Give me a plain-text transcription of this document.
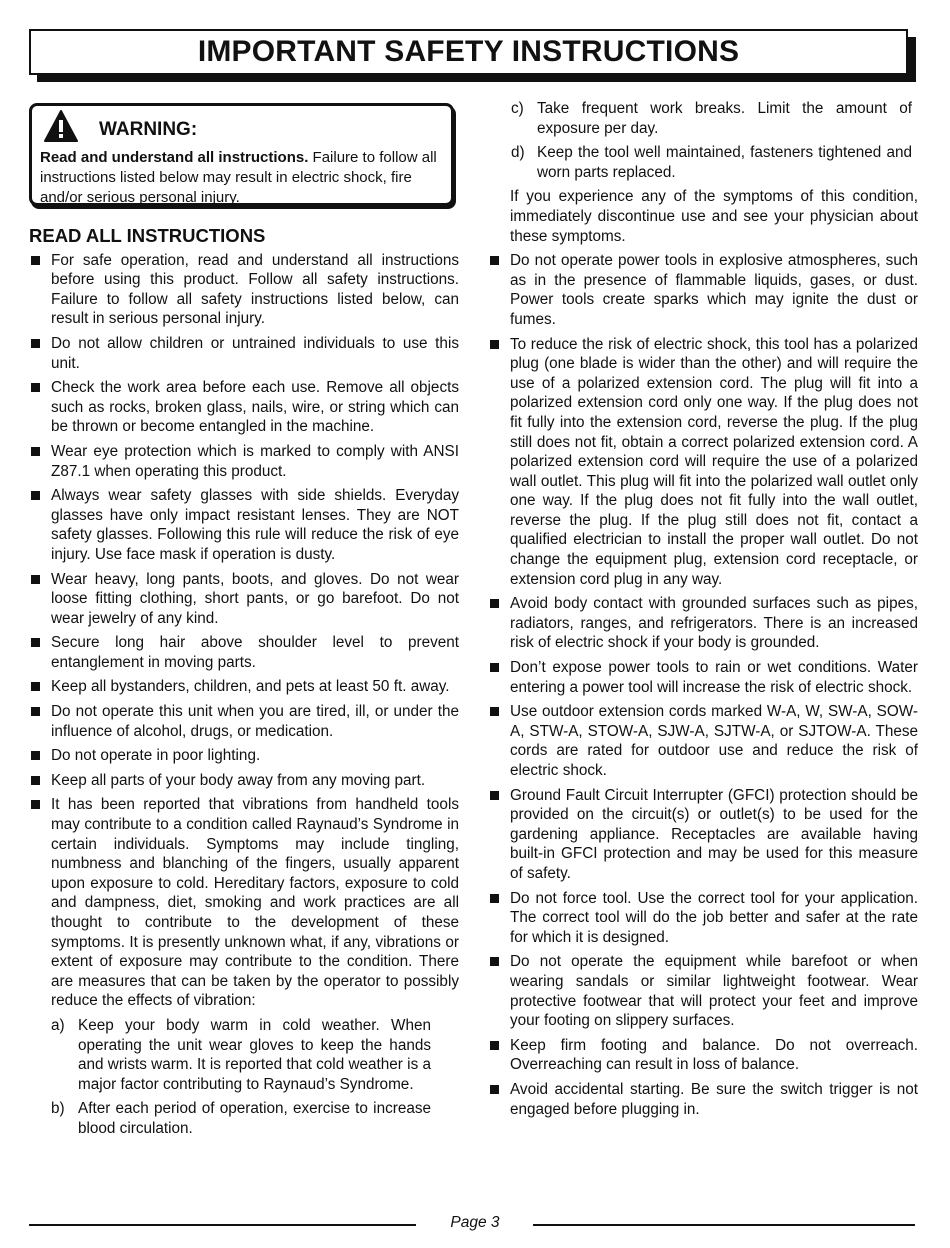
IMPORTANT SAFETY INSTRUCTIONS
WARNING:
Read and understand all instructions. Failure to follow all instructions listed below may result in electric shock, fire and/or serious personal injury.
READ ALL INSTRUCTIONS
For safe operation, read and understand all instructions before using this product. Follow all safety instructions. Failure to follow all safety instructions listed below, can result in serious personal injury.
Do not allow children or untrained individuals to use this unit.
Check the work area before each use. Remove all objects such as rocks, broken glass, nails, wire, or string which can be thrown or become entangled in the machine.
Wear eye protection which is marked to comply with ANSI Z87.1 when operating this product.
Always wear safety glasses with side shields. Everyday glasses have only impact resistant lenses. They are NOT safety glasses. Following this rule will reduce the risk of eye injury. Use face mask if operation is dusty.
Wear heavy, long pants, boots, and gloves. Do not wear loose fitting clothing, short pants, or go barefoot. Do not wear jewelry of any kind.
Secure long hair above shoulder level to prevent entanglement in moving parts.
Keep all bystanders, children, and pets at least 50 ft. away.
Do not operate this unit when you are tired, ill, or under the influence of alcohol, drugs, or medication.
Do not operate in poor lighting.
Keep all parts of your body away from any moving part.
It has been reported that vibrations from handheld tools may contribute to a condition called Raynaud’s Syndrome in certain individuals. Symptoms may include tingling, numbness and blanching of the fingers, usually apparent upon exposure to cold. Hereditary factors, exposure to cold and dampness, diet, smoking and work practices are all thought to contribute to the development of these symptoms. It is presently unknown what, if any, vibrations or extent of exposure may contribute to the condition. There are measures that can be taken by the operator to possibly reduce the effects of vibration:
a) Keep your body warm in cold weather. When operating the unit wear gloves to keep the hands and wrists warm. It is reported that cold weather is a major factor contributing to Raynaud’s Syndrome.
b) After each period of operation, exercise to increase blood circulation.
c) Take frequent work breaks. Limit the amount of exposure per day.
d) Keep the tool well maintained, fasteners tightened and worn parts replaced.
If you experience any of the symptoms of this condition, immediately discontinue use and see your physician about these symptoms.
Do not operate power tools in explosive atmospheres, such as in the presence of flammable liquids, gases, or dust. Power tools create sparks which may ignite the dust or fumes.
To reduce the risk of electric shock, this tool has a polarized plug (one blade is wider than the other) and will require the use of a polarized extension cord. The plug will fit into a polarized extension cord only one way. If the plug does not fit fully into the extension cord, reverse the plug. If the plug still does not fit, obtain a correct polarized extension cord. A polarized extension cord will require the use of a polarized wall outlet. This plug will fit into the polarized wall outlet only one way. If the plug does not fit fully into the wall outlet, reverse the plug. If the plug still does not fit, contact a qualified electrician to install the proper wall outlet. Do not change the equipment plug, extension cord receptacle, or extension cord plug in any way.
Avoid body contact with grounded surfaces such as pipes, radiators, ranges, and refrigerators. There is an increased risk of electric shock if your body is grounded.
Don’t expose power tools to rain or wet conditions. Water entering a power tool will increase the risk of electric shock.
Use outdoor extension cords marked W-A, W, SW-A, SOW-A, STW-A, STOW-A, SJW-A, SJTW-A, or SJTOW-A. These cords are rated for outdoor use and reduce the risk of electric shock.
Ground Fault Circuit Interrupter (GFCI) protection should be provided on the circuit(s) or outlet(s) to be used for the gardening appliance. Receptacles are available having built-in GFCI protection and may be used for this measure of safety.
Do not force tool. Use the correct tool for your application. The correct tool will do the job better and safer at the rate for which it is designed.
Do not operate the equipment while barefoot or when wearing sandals or similar lightweight footwear. Wear protective footwear that will protect your feet and improve your footing on slippery surfaces.
Keep firm footing and balance. Do not overreach. Overreaching can result in loss of balance.
Avoid accidental starting. Be sure the switch trigger is not engaged before plugging in.
Page 3
